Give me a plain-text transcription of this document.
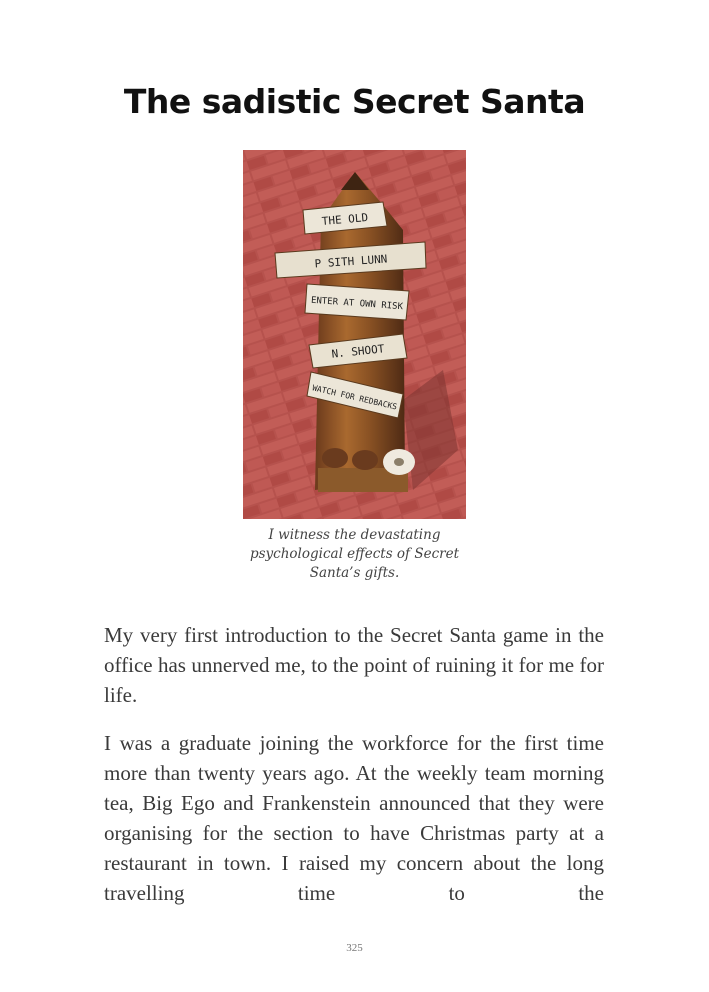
The sadistic Secret Santa
THE OLD
P SITH LUNN
ENTER AT OWN RISK
N. SHOOT
WATCH FOR REDBACKS
I witness the devastating psychological effects of Secret Santa’s gifts.

My very first introduction to the Secret Santa game in the office has unnerved me, to the point of ruining it for me for life.

I was a graduate joining the workforce for the first time more than twenty years ago. At the weekly team morning tea, Big Ego and Frankenstein announced that they were organising for the section to have Christmas party at a restaurant in town. I raised my concern about the long travelling time to the

325
